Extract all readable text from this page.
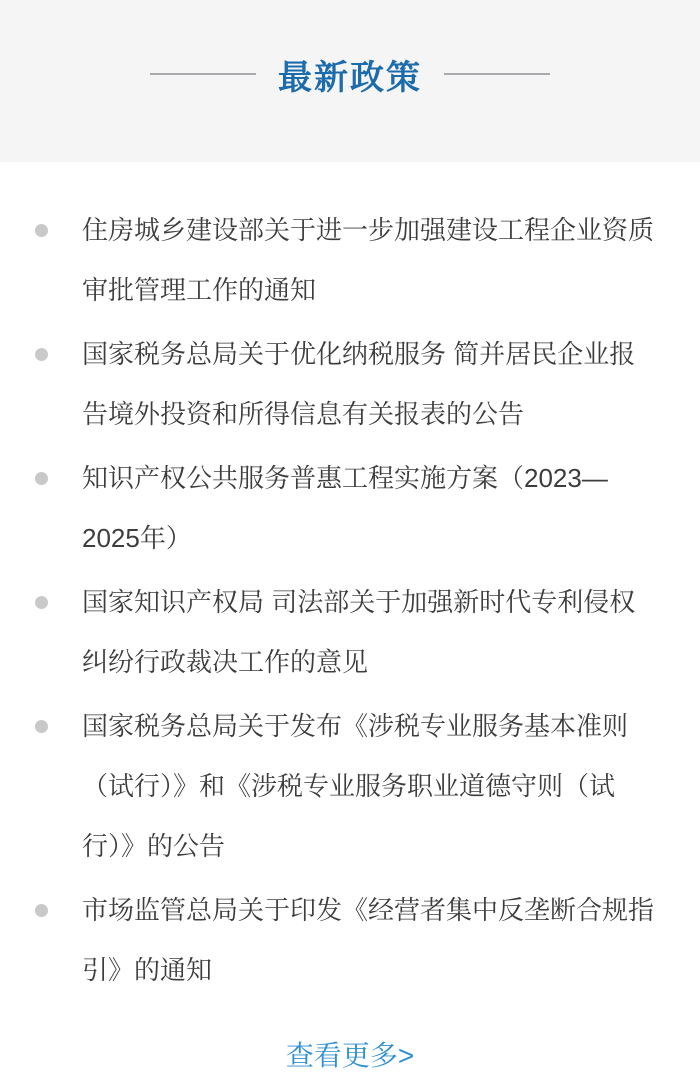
最新政策
住房城乡建设部关于进一步加强建设工程企业资质审批管理工作的通知
国家税务总局关于优化纳税服务 简并居民企业报告境外投资和所得信息有关报表的公告
知识产权公共服务普惠工程实施方案（2023—2025年）
国家知识产权局 司法部关于加强新时代专利侵权纠纷行政裁决工作的意见
国家税务总局关于发布《涉税专业服务基本准则（试行）》和《涉税专业服务职业道德守则（试行）》的公告
市场监管总局关于印发《经营者集中反垄断合规指引》的通知
查看更多>
